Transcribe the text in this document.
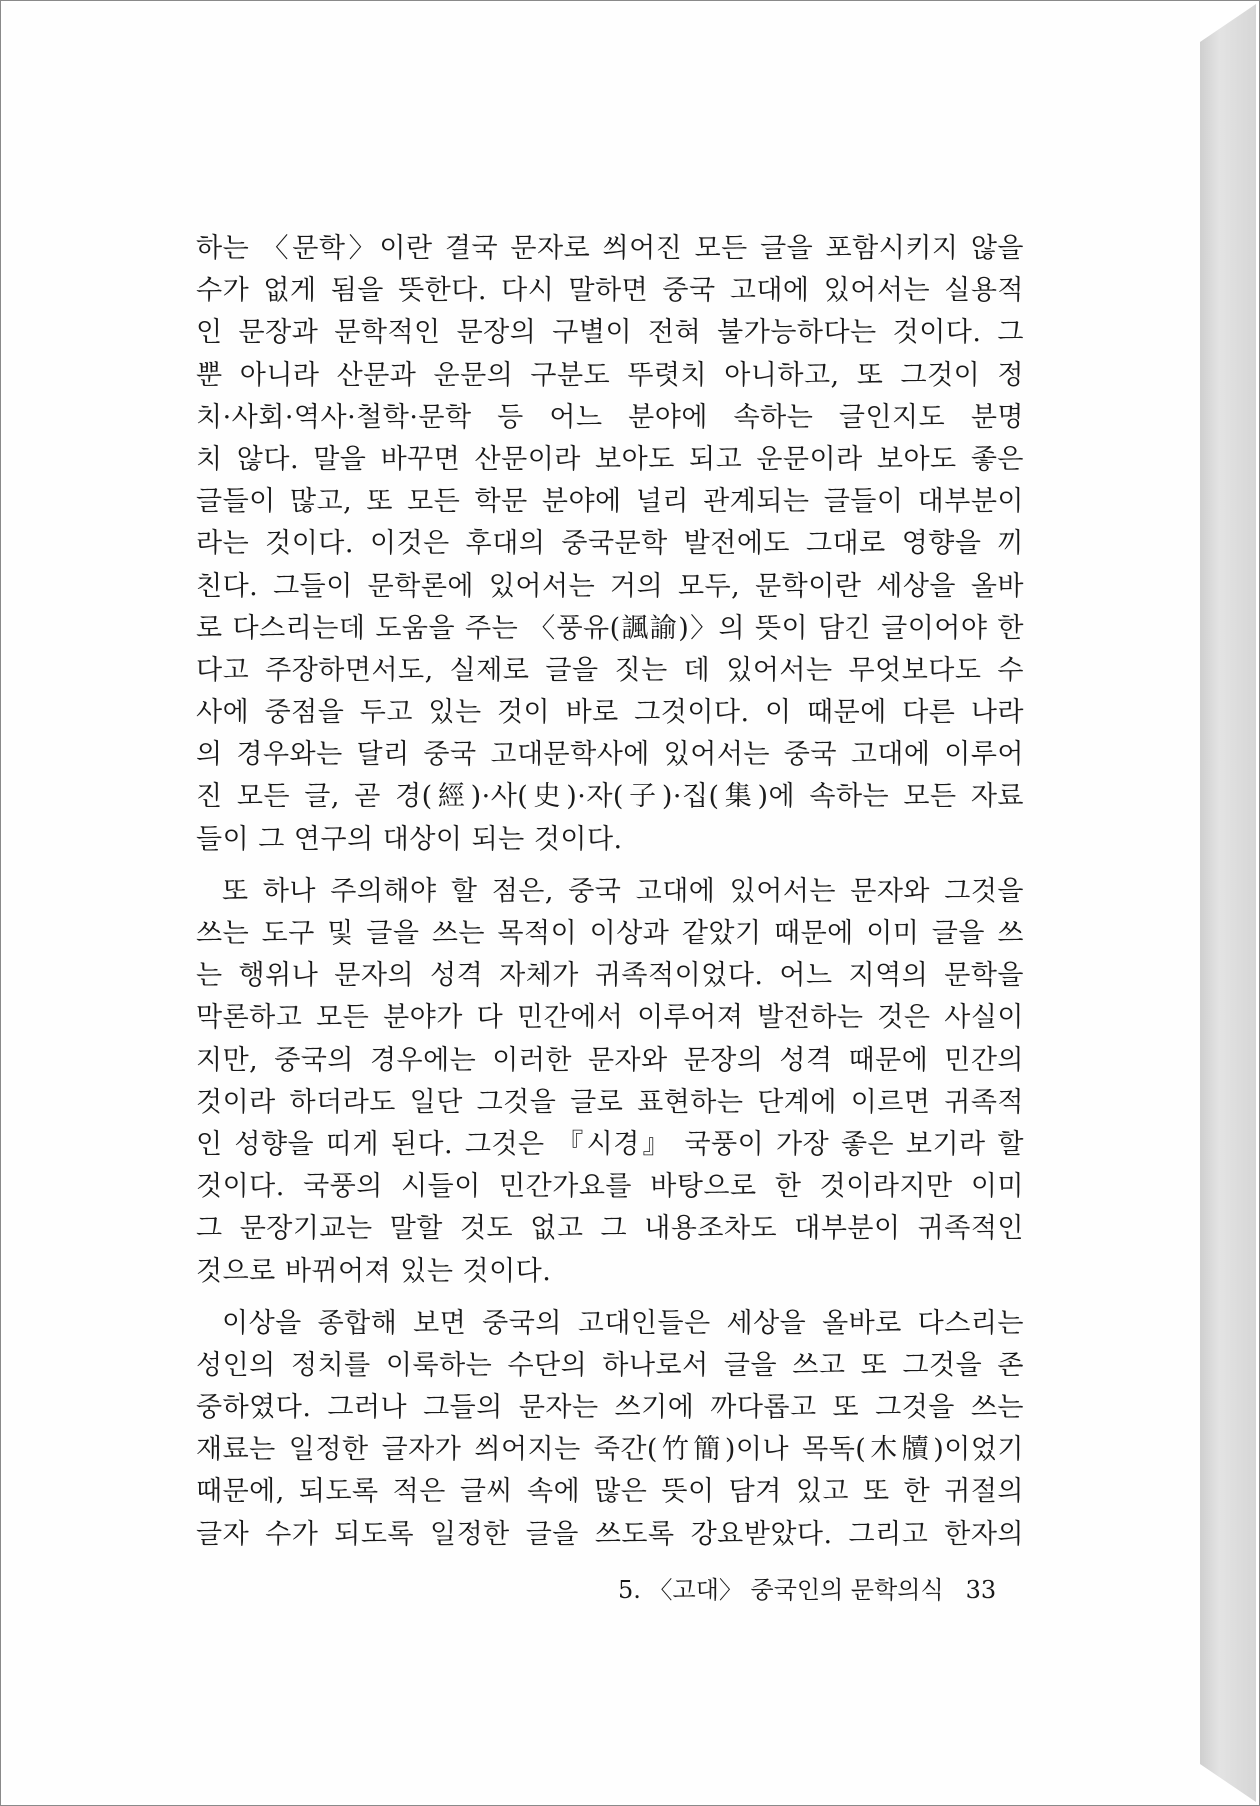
하는 〈문학〉이란 결국 문자로 씌어진 모든 글을 포함시키지 않을
수가 없게 됨을 뜻한다. 다시 말하면 중국 고대에 있어서는 실용적
인 문장과 문학적인 문장의 구별이 전혀 불가능하다는 것이다. 그
뿐 아니라 산문과 운문의 구분도 뚜렷치 아니하고, 또 그것이 정
치·사회·역사·철학·문학 등 어느 분야에 속하는 글인지도 분명
치 않다. 말을 바꾸면 산문이라 보아도 되고 운문이라 보아도 좋은
글들이 많고, 또 모든 학문 분야에 널리 관계되는 글들이 대부분이
라는 것이다. 이것은 후대의 중국문학 발전에도 그대로 영향을 끼
친다. 그들이 문학론에 있어서는 거의 모두, 문학이란 세상을 올바
로 다스리는데 도움을 주는 〈풍유(諷諭)〉의 뜻이 담긴 글이어야 한
다고 주장하면서도, 실제로 글을 짓는 데 있어서는 무엇보다도 수
사에 중점을 두고 있는 것이 바로 그것이다. 이 때문에 다른 나라
의 경우와는 달리 중국 고대문학사에 있어서는 중국 고대에 이루어
진 모든 글, 곧 경(經)·사(史)·자(子)·집(集)에 속하는 모든 자료
들이 그 연구의 대상이 되는 것이다.

또 하나 주의해야 할 점은, 중국 고대에 있어서는 문자와 그것을
쓰는 도구 및 글을 쓰는 목적이 이상과 같았기 때문에 이미 글을 쓰
는 행위나 문자의 성격 자체가 귀족적이었다. 어느 지역의 문학을
막론하고 모든 분야가 다 민간에서 이루어져 발전하는 것은 사실이
지만, 중국의 경우에는 이러한 문자와 문장의 성격 때문에 민간의
것이라 하더라도 일단 그것을 글로 표현하는 단계에 이르면 귀족적
인 성향을 띠게 된다. 그것은 『시경』 국풍이 가장 좋은 보기라 할
것이다. 국풍의 시들이 민간가요를 바탕으로 한 것이라지만 이미
그 문장기교는 말할 것도 없고 그 내용조차도 대부분이 귀족적인
것으로 바뀌어져 있는 것이다.

이상을 종합해 보면 중국의 고대인들은 세상을 올바로 다스리는
성인의 정치를 이룩하는 수단의 하나로서 글을 쓰고 또 그것을 존
중하였다. 그러나 그들의 문자는 쓰기에 까다롭고 또 그것을 쓰는
재료는 일정한 글자가 씌어지는 죽간(竹簡)이나 목독(木牘)이었기
때문에, 되도록 적은 글씨 속에 많은 뜻이 담겨 있고 또 한 귀절의
글자 수가 되도록 일정한 글을 쓰도록 강요받았다. 그리고 한자의

5. 〈고대〉 중국인의 문학의식 33
